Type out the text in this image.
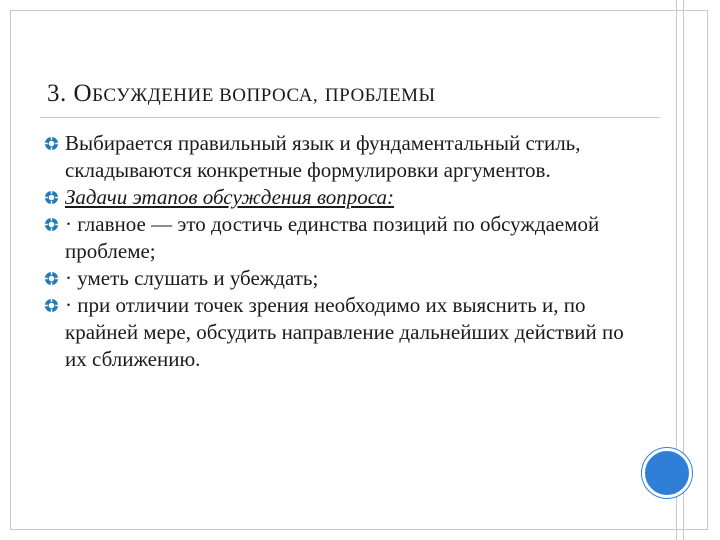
3. ОБСУЖДЕНИЕ ВОПРОСА, ПРОБЛЕМЫ
Выбирается правильный язык и фундаментальный стиль, складываются конкретные формулировки аргументов.
Задачи этапов обсуждения вопроса:
· главное — это достичь единства позиций по обсуждаемой проблеме;
· уметь слушать и убеждать;
· при отличии точек зрения необходимо их выяснить и, по крайней мере, обсудить направление дальнейших действий по их сближению.
